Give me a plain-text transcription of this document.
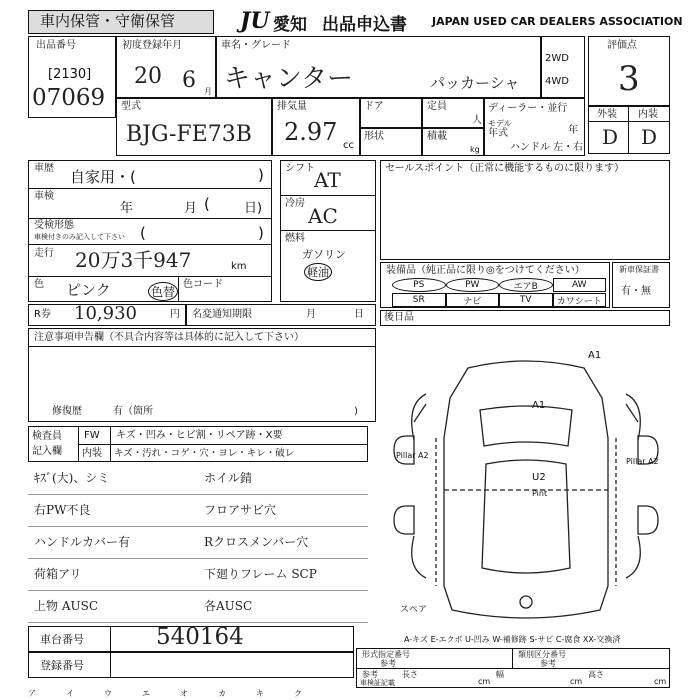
車内保管・守衛保管	JU 愛知 出品申込書 JAPAN USED CAR DEALERS ASSOCIATION
出品番号
[2130]
07069
初度登録年月
20 6 月
車名・グレード
キャンター	パッカーシャ
2WD
4WD
評価点
3
外装 内装
D D
型式
BJG-FE73B
排気量
2.97 cc
ドア	定員
人
形状	積載
kg
ディーラー・並行
モデル
年式	年
ハンドル 左・右
車歴 自家用・(	)
車検
年	月 (	日)
受検形態
車検付きのみ記入して下さい (	)
走行 20万3千947	km
色 ピンク	色替
色コード
シフト AT
冷房
AC
燃料
ガソリン
軽油
R券 10,930	円 名変通知期限	月	日
セールスポイント（正常に機能するものに限ります）
装備品（純正品に限り◎をつけてください）
PS	PW	エアB	AW
SR	ナビ	TV	カワシート
新車保証書
有・無
後日品
注意事項申告欄（不具合内容等は具体的に記入して下さい）
修復歴	有（箇所	)
検査員
記入欄
FW
内装
キズ・凹み・ヒビ割・リペア跡・X要
キズ・汚れ・コゲ・穴・ヨレ・キレ・破レ
ｷｽﾞ(大)、シミ	ホイル錆
右PW不良	フロアサビ穴
ハンドルカバー有	Rクロスメンバー穴
荷箱アリ	下廻りフレーム SCP
上物 AUSC	各AUSC
A1
A1
Pillar A2
Pillar A2
U2
Pint
スペア
A-キズ E-エクボ U-凹み W-補修跡 S-サビ C-腐食 XX-交換済
車台番号	540164
登録番号
形式指定番号
参考
類別区分番号
参考
参考
車検証記載
長さ
cm
幅
cm
高さ
cm
ア	イ	ウ	エ	オ	カ	キ	ク
